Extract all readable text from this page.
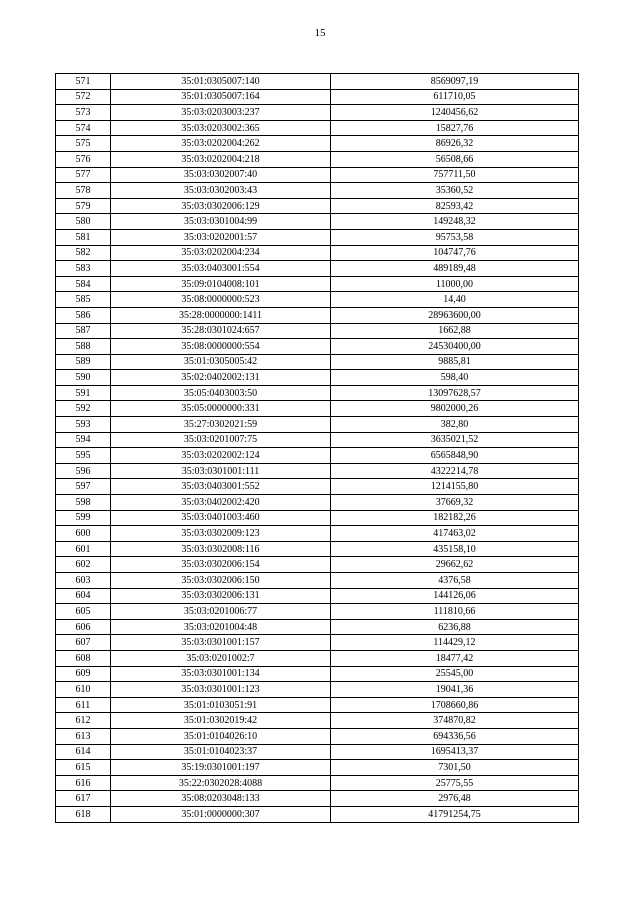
15
571	35:01:0305007:140	8569097,19
572	35:01:0305007:164	611710,05
573	35:03:0203003:237	1240456,62
574	35:03:0203002:365	15827,76
575	35:03:0202004:262	86926,32
576	35:03:0202004:218	56508,66
577	35:03:0302007:40	757711,50
578	35:03:0302003:43	35360,52
579	35:03:0302006:129	82593,42
580	35:03:0301004:99	149248,32
581	35:03:0202001:57	95753,58
582	35:03:0202004:234	104747,76
583	35:03:0403001:554	489189,48
584	35:09:0104008:101	11000,00
585	35:08:0000000:523	14,40
586	35:28:0000000:1411	28963600,00
587	35:28:0301024:657	1662,88
588	35:08:0000000:554	24530400,00
589	35:01:0305005:42	9885,81
590	35:02:0402002:131	598,40
591	35:05:0403003:50	13097628,57
592	35:05:0000000:331	9802000,26
593	35:27:0302021:59	382,80
594	35:03:0201007:75	3635021,52
595	35:03:0202002:124	6565848,90
596	35:03:0301001:111	4322214,78
597	35:03:0403001:552	1214155,80
598	35:03:0402002:420	37669,32
599	35:03:0401003:460	182182,26
600	35:03:0302009:123	417463,02
601	35:03:0302008:116	435158,10
602	35:03:0302006:154	29662,62
603	35:03:0302006:150	4376,58
604	35:03:0302006:131	144126,06
605	35:03:0201006:77	111810,66
606	35:03:0201004:48	6236,88
607	35:03:0301001:157	114429,12
608	35:03:0201002:7	18477,42
609	35:03:0301001:134	25545,00
610	35:03:0301001:123	19041,36
611	35:01:0103051:91	1708660,86
612	35:01:0302019:42	374870,82
613	35:01:0104026:10	694336,56
614	35:01:0104023:37	1695413,37
615	35:19:0301001:197	7301,50
616	35:22:0302028:4088	25775,55
617	35:08:0203048:133	2976,48
618	35:01:0000000:307	41791254,75
